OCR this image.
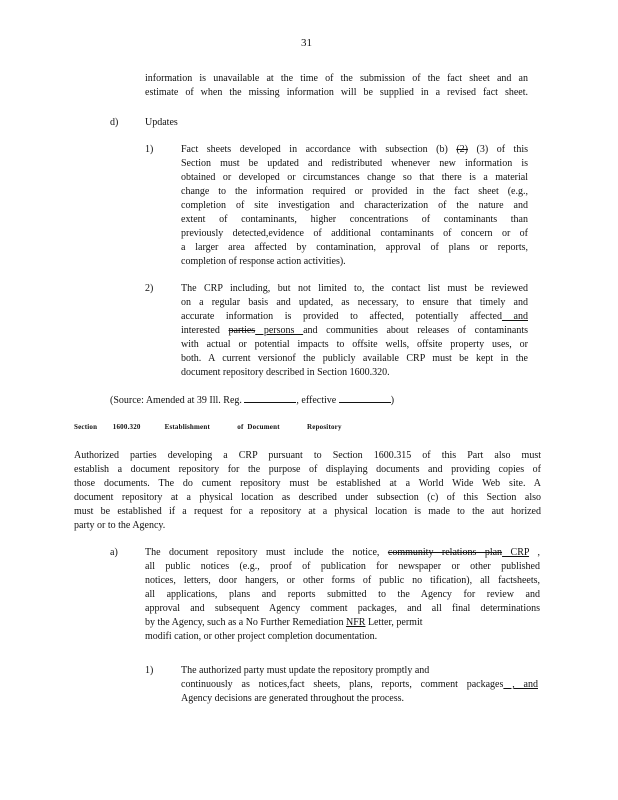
31
information is unavailable at the time of the submission of the fact sheet and an
estimate of when the missing information will be supplied in a revised fact sheet.
d)	Updates
1)	Fact sheets developed in accordance with subsection (b) (2) (3) of this
Section must be updated and redistributed whenever new information is
obtained or developed or circumstances change so that there is a material
change to the information required or provided in the fact sheet (e.g.,
completion of site investigation and characterization of the nature and
extent of contaminants, higher concentrations of contaminants than
previously detected,evidence of additional contaminants of concern or of
a larger area affected by contamination, approval of plans or reports,
completion of response action activities).
2)	The CRP including, but not limited to, the contact list must be reviewed
on a regular basis and updated, as necessary, to ensure that timely and
accurate information is provided to affected, potentially affected and
interested parties persons and communities about releases of contaminants
with actual or potential impacts to offsite wells, offsite property uses, or
both. A current versionof the publicly available CRP must be kept in the
document repository described in Section 1600.320.
(Source: Amended at 39 Ill. Reg.	, effective	)
Section        1600.320	Establishment              of  Document              Repository
Authorized parties developing a CRP pursuant to Section 1600.315 of this Part also must
establish a document repository for the purpose of displaying documents and providing copies of
those documents. The do cument repository must be established at a World Wide Web site. A
document repository at a physical location as described under subsection (c) of this Section also
must be established if a request for a repository at a physical location is made to the aut horized
party or to the Agency.
a)	The document repository must include the notice, community relations plan CRP ,
all public notices (e.g., proof of publication for newspaper or other published
notices, letters, door hangers, or other forms of public no tification), all factsheets,
all applications, plans and reports submitted to the Agency for review and
approval and subsequent Agency comment packages, and all final determinations
by the Agency, such as a No Further Remediation NFR Letter, permit
modifi cation, or other project completion documentation.
1)	The authorized party must update the repository promptly and
continuously as notices,fact sheets, plans, reports, comment packages , and
Agency decisions are generated throughout the process.
